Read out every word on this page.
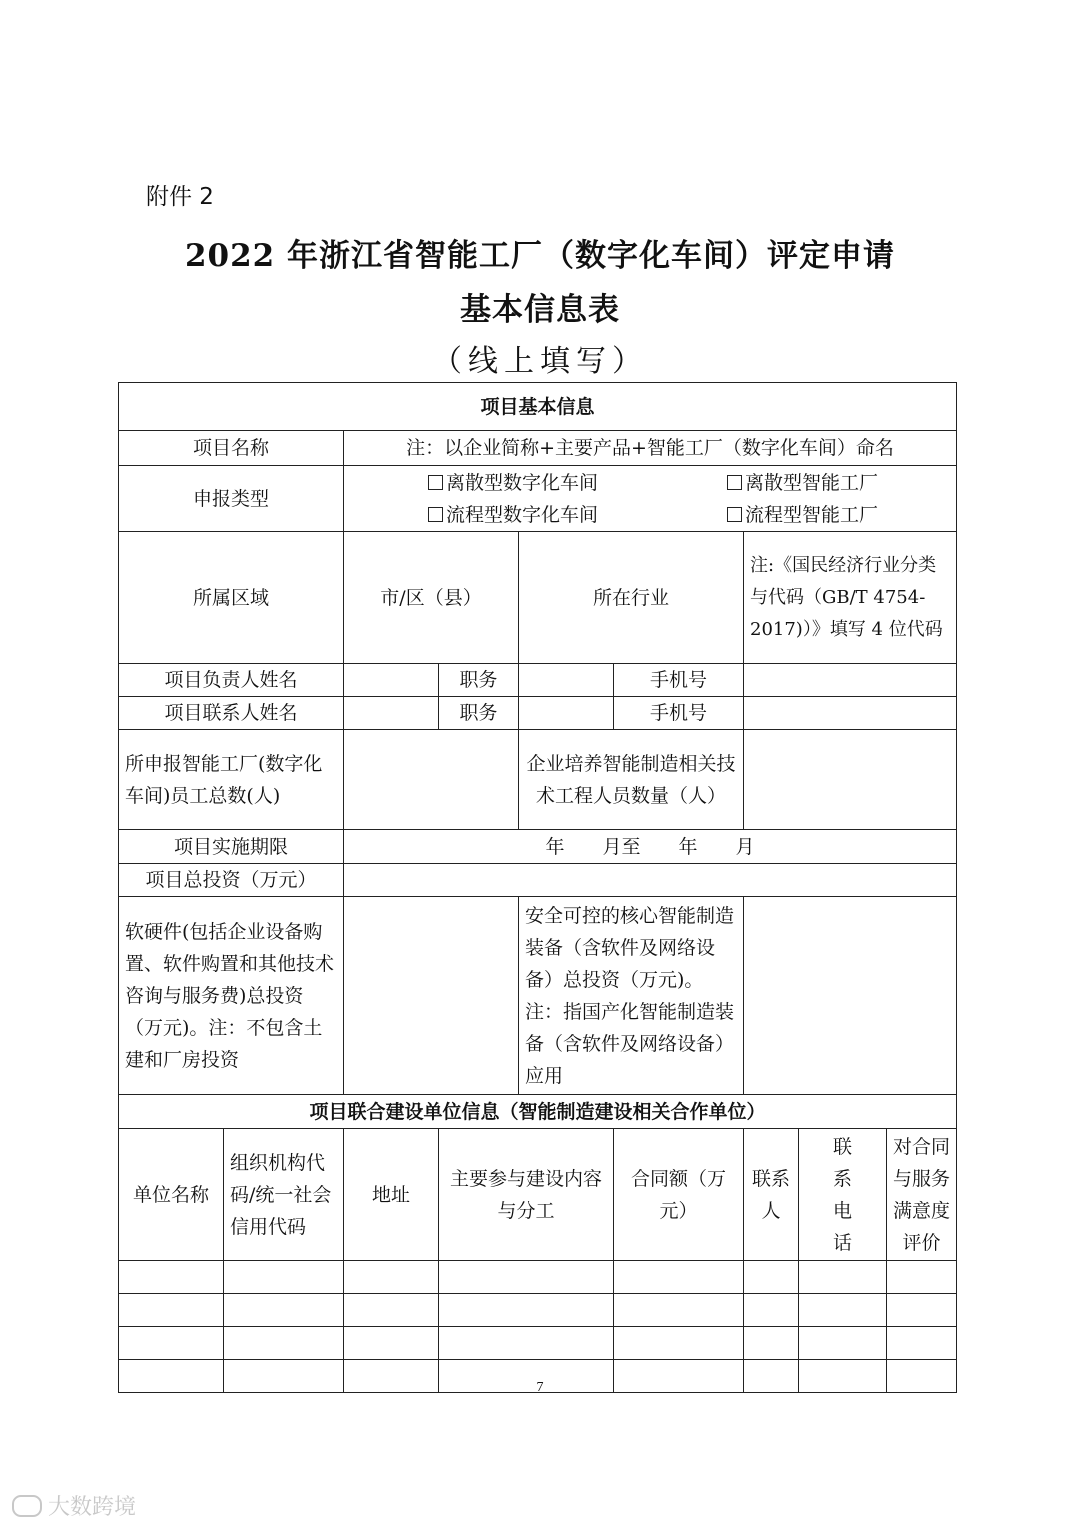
附件 2
2022 年浙江省智能工厂（数字化车间）评定申请
基本信息表
（线上填写）
项目基本信息								
项目名称		注：以企业简称+主要产品+智能工厂（数字化车间）命名						
申报类型		离散型数字化车间 离散型智能工厂
流程型数字化车间 流程型智能工厂						

所属区域		市/区（县）		所在行业		注:《国民经济行业分类与代码（GB/T 4754-2017)）》填写 4 位代码		
项目负责人姓名			职务		手机号			
项目联系人姓名			职务		手机号			
所申报智能工厂(数字化车间)员工总数(人)				企业培养智能制造相关技术工程人员数量（人）				
项目实施期限		年　　月至　　年　　月						
项目总投资（万元）								
软硬件(包括企业设备购置、软件购置和其他技术咨询与服务费)总投资（万元)。注：不包含土建和厂房投资				安全可控的核心智能制造装备（含软件及网络设备）总投资（万元)。注：指国产化智能制造装备（含软件及网络设备）应用				
项目联合建设单位信息（智能制造建设相关合作单位）								
单位名称	组织机构代码/统一社会信用代码	地址	主要参与建设内容与分工		合同额（万元）	联系人	联系电话	对合同与服务满意度评价

7
大数跨境
